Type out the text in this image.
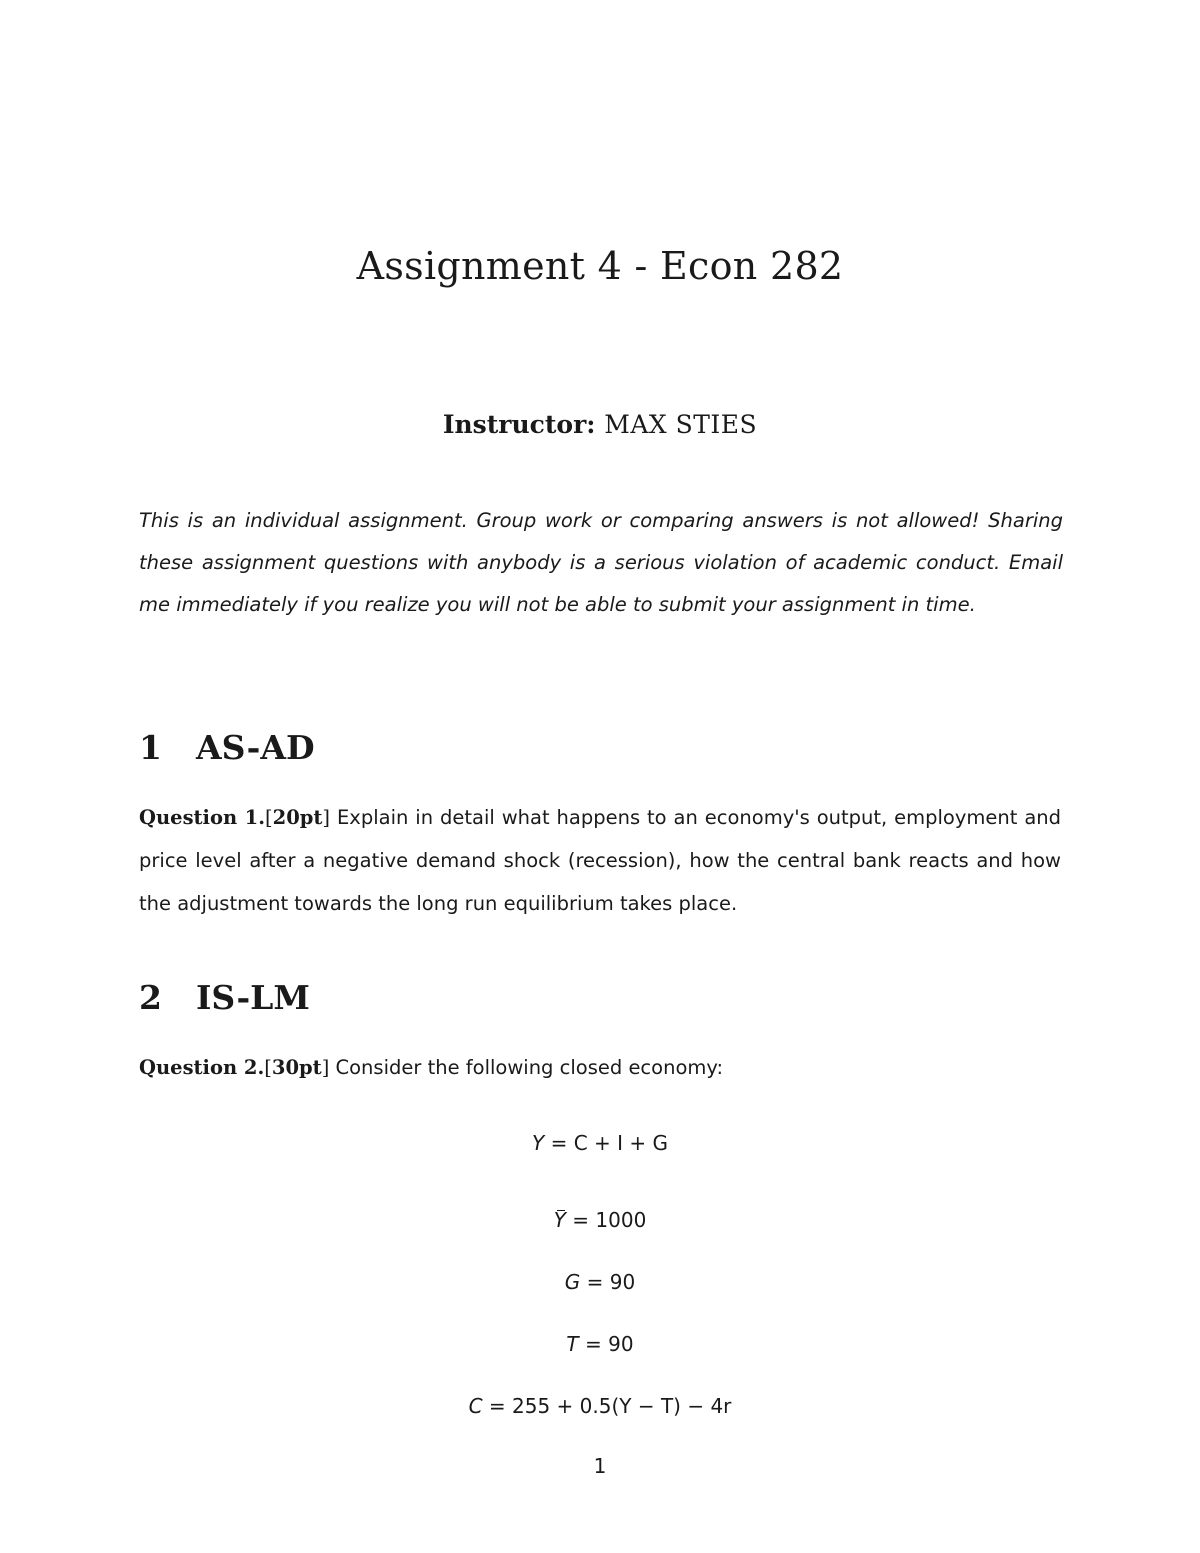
Assignment 4 - Econ 282
Instructor: MAX STIES

This is an individual assignment. Group work or comparing answers is not allowed! Sharing these assignment questions with anybody is a serious violation of academic conduct. Email me immediately if you realize you will not be able to submit your assignment in time.

1 AS-AD

Question 1.[20pt] Explain in detail what happens to an economy's output, employment and price level after a negative demand shock (recession), how the central bank reacts and how the adjustment towards the long run equilibrium takes place.

2 IS-LM

Question 2.[30pt] Consider the following closed economy:

Y = C + I + G
Y = 1000
G = 90
T = 90
C = 255 + 0.5(Y − T) − 4r
1
